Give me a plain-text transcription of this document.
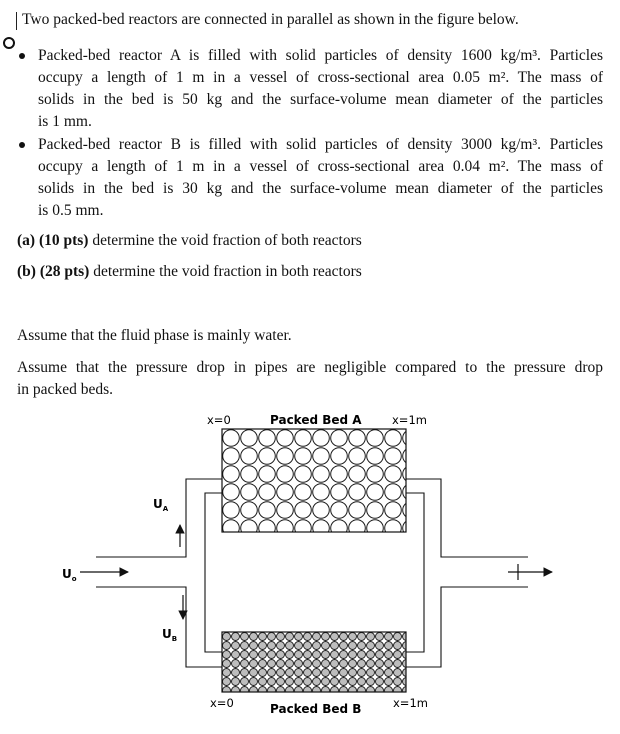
Two packed-bed reactors are connected in parallel as shown in the figure below.
Packed-bed reactor A is filled with solid particles of density 1600 kg/m³. Particles
occupy a length of 1 m in a vessel of cross-sectional area 0.05 m². The mass of
solids in the bed is 50 kg and the surface-volume mean diameter of the particles
is 1 mm.
Packed-bed reactor B is filled with solid particles of density 3000 kg/m³. Particles
occupy a length of 1 m in a vessel of cross-sectional area 0.04 m². The mass of
solids in the bed is 30 kg and the surface-volume mean diameter of the particles
is 0.5 mm.
(a) (10 pts) determine the void fraction of both reactors
(b) (28 pts) determine the void fraction in both reactors
Assume that the fluid phase is mainly water.
Assume that the pressure drop in pipes are negligible compared to the pressure drop
in packed beds.
x=0	Packed Bed A	x=1m
x=0	Packed Bed B	x=1m
$U_o$
$U_A$
$U_B$
